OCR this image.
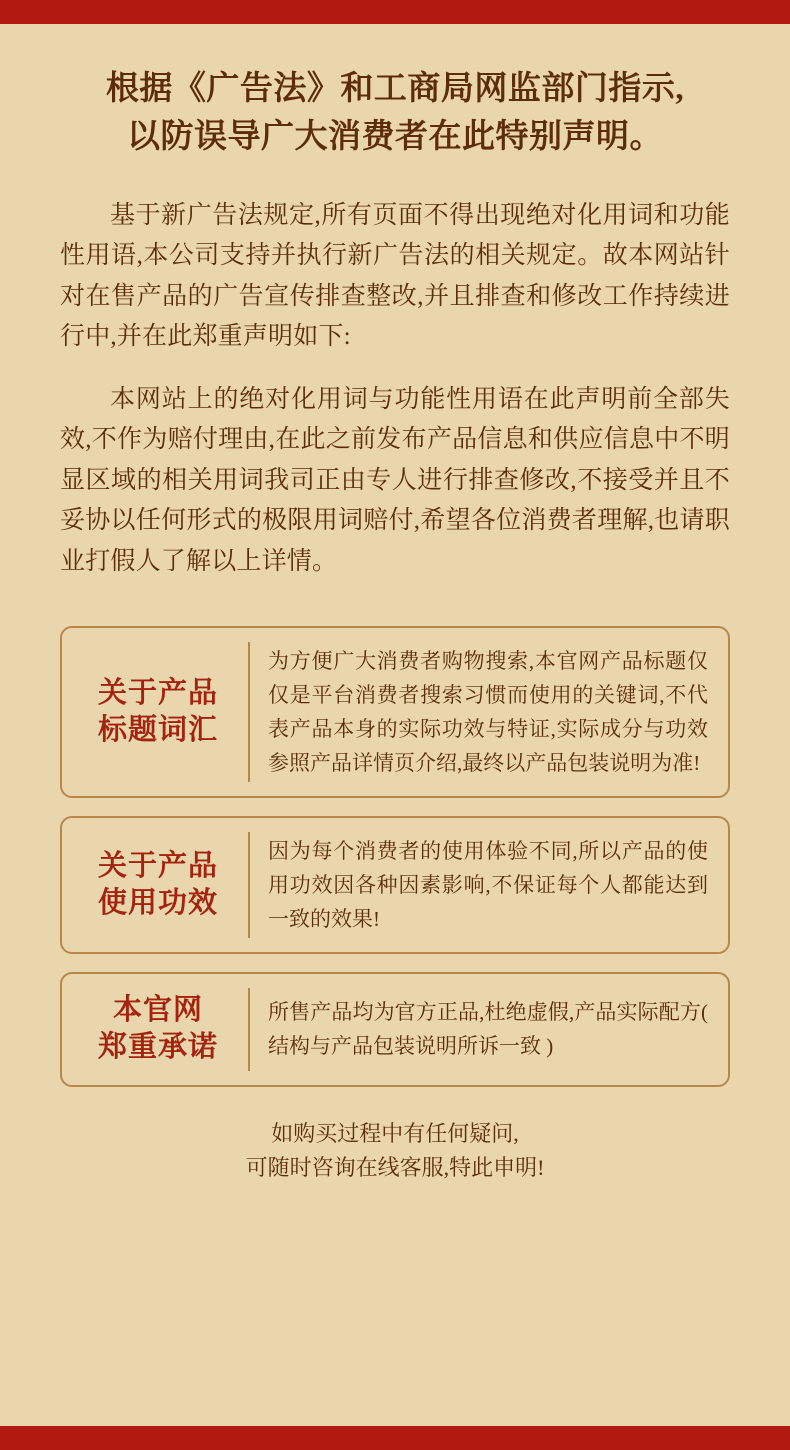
根据《广告法》和工商局网监部门指示,
以防误导广大消费者在此特别声明。

基于新广告法规定,所有页面不得出现绝对化用词和功能性用语,本公司支持并执行新广告法的相关规定。故本网站针对在售产品的广告宣传排查整改,并且排查和修改工作持续进行中,并在此郑重声明如下:

本网站上的绝对化用词与功能性用语在此声明前全部失效,不作为赔付理由,在此之前发布产品信息和供应信息中不明显区域的相关用词我司正由专人进行排查修改,不接受并且不妥协以任何形式的极限用词赔付,希望各位消费者理解,也请职业打假人了解以上详情。

关于产品
标题词汇
为方便广大消费者购物搜索,本官网产品标题仅仅是平台消费者搜索习惯而使用的关键词,不代表产品本身的实际功效与特证,实际成分与功效参照产品详情页介绍,最终以产品包装说明为准!
关于产品
使用功效
因为每个消费者的使用体验不同,所以产品的使用功效因各种因素影响,不保证每个人都能达到一致的效果!
本官网
郑重承诺
所售产品均为官方正品,杜绝虚假,产品实际配方( 结构与产品包装说明所诉一致 )
如购买过程中有任何疑问,
可随时咨询在线客服,特此申明!
